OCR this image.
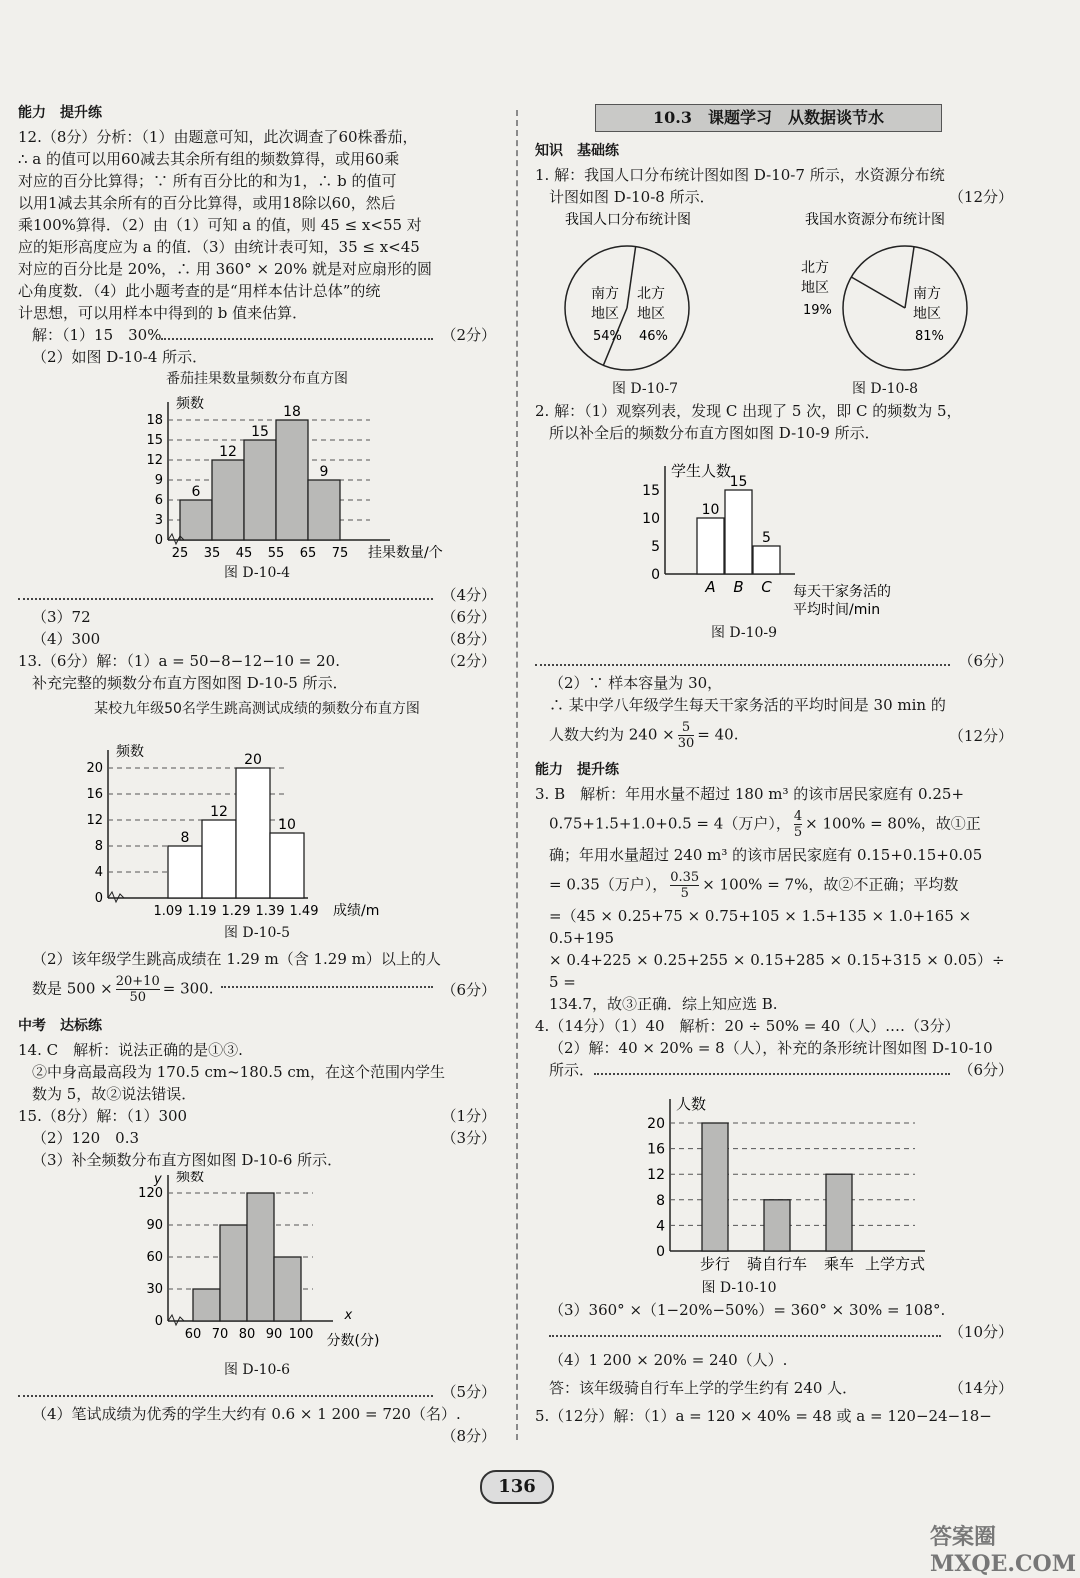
能力　提升练
12.（8分）分析：（1）由题意可知，此次调查了60株番茄，
∴ a 的值可以用60减去其余所有组的频数算得，或用60乘
对应的百分比算得；∵ 所有百分比的和为1，∴ b 的值可
以用1减去其余所有的百分比算得，或用18除以60，然后
乘100%算得．（2）由（1）可知 a 的值，则 45 ≤ x<55 对
应的矩形高度应为 a 的值．（3）由统计表可知，35 ≤ x<45
对应的百分比是 20%，∴ 用 360° × 20% 就是对应扇形的圆
心角度数．（4）此小题考查的是“用样本估计总体”的统
计思想，可以用样本中得到的 b 值来估算．
解：（1）15　30%	（2分）
（2）如图 D-10-4 所示．
番茄挂果数量频数分布直方图
频数
0
3
6
9
12
15
18
6
12
15
18
9
25 35 45 55 65 75 挂果数量/个
图 D-10-4
（4分）
（3）72	（6分）
（4）300	（8分）
13.（6分）解：（1）a = 50−8−12−10 = 20.	（2分）
补充完整的频数分布直方图如图 D-10-5 所示．
某校九年级50名学生跳高测试成绩的频数分布直方图
频数
0
4
8
12
16
20
8
12
20
10
1.09 1.19 1.29 1.39 1.49 成绩/m
图 D-10-5
（2）该年级学生跳高成绩在 1.29 m（含 1.29 m）以上的人
数是 $500 \times \frac{20+10}{50} = 300$.	（6分）
中考　达标练
14. C　解析：说法正确的是①③.
②中身高最高段为 170.5 cm~180.5 cm，在这个范围内学生
数为 5，故②说法错误．
15.（8分）解：（1）300	（1分）
（2）120　0.3	（3分）
（3）补全频数分布直方图如图 D-10-6 所示．
频数
y
0
30
60
90
120
60 70 80 90 100 分数(分)
x
图 D-10-6
（5分）
（4）笔试成绩为优秀的学生大约有 0.6 × 1 200 = 720（名）.
（8分）
10.3　课题学习　从数据谈节水
知识　基础练
1. 解：我国人口分布统计图如图 D-10-7 所示，水资源分布统
计图如图 D-10-8 所示．	（12分）
我国人口分布统计图
南方
地区
54%
北方
地区
46%
我国水资源分布统计图
北方
地区
19%
南方
地区
81%
图 D-10-7	图 D-10-8
2. 解：（1）观察列表，发现 C 出现了 5 次，即 C 的频数为 5，
所以补全后的频数分布直方图如图 D-10-9 所示．
学生人数
0
5
10
15
10
A
15
B
5
C 每天干家务活的
平均时间/min
图 D-10-9
（6分）
（2）∵ 样本容量为 30，
∴ 某中学八年级学生每天干家务活的平均时间是 30 min 的
人数大约为 $240 \times \frac{5}{30} = 40$.	（12分）
能力　提升练
3. B　解析：年用水量不超过 180 m³ 的该市居民家庭有 0.25+
0.75+1.5+1.0+0.5 = 4（万户）， $\frac{4}{5} \times 100\% = 80\%$，故①正
确；年用水量超过 240 m³ 的该市居民家庭有 0.15+0.15+0.05
= 0.35（万户）， $\frac{0.35}{5} \times 100\% = 7\%$，故②不正确；平均数
=（45 × 0.25+75 × 0.75+105 × 1.5+135 × 1.0+165 × 0.5+195
× 0.4+225 × 0.25+255 × 0.15+285 × 0.15+315 × 0.05）÷ 5 =
134.7，故③正确．综上知应选 B.
4.（14分）（1）40　解析：20 ÷ 50% = 40（人）.…（3分）
（2）解：40 × 20% = 8（人），补充的条形统计图如图 D-10-10
所示．	（6分）
人数
0
4
8
12
16
20
步行 骑自行车 乘车 上学方式
图 D-10-10
（3）360° ×（1−20%−50%）= 360° × 30% = 108°.
（10分）
（4）1 200 × 20% = 240（人）.
答：该年级骑自行车上学的学生约有 240 人．	（14分）
5.（12分）解：（1）a = 120 × 40% = 48 或 a = 120−24−18−
136
答案圈 MXQE.COM
